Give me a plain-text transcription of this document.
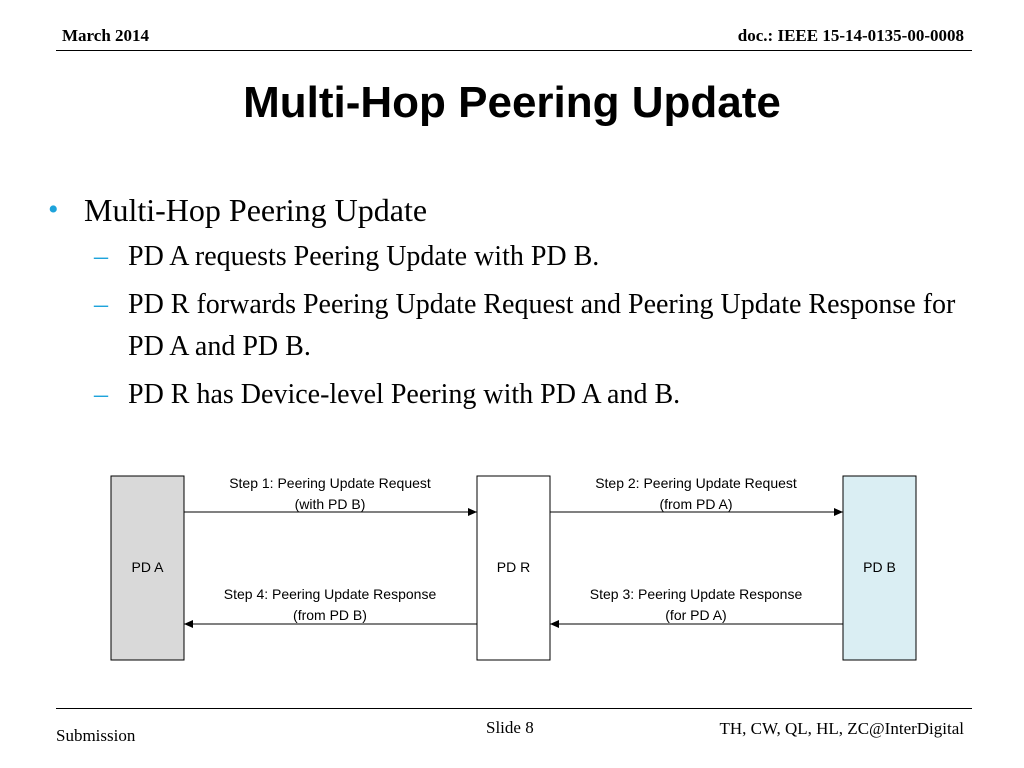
March 2014	doc.: IEEE 15-14-0135-00-0008
Multi-Hop Peering Update
• Multi-Hop Peering Update
– PD A requests Peering Update with PD B.
– PD R forwards Peering Update Request and Peering Update Response for PD A and PD B.
– PD R has Device-level Peering with PD A and B.
PD A	PD R	PD B
Step 1: Peering Update Request
(with PD B)
Step 2: Peering Update Request
(from PD A)
Step 3: Peering Update Response
(for PD A)
Step 4: Peering Update Response
(from PD B)
Submission	Slide 8	TH, CW, QL, HL, ZC@InterDigital
